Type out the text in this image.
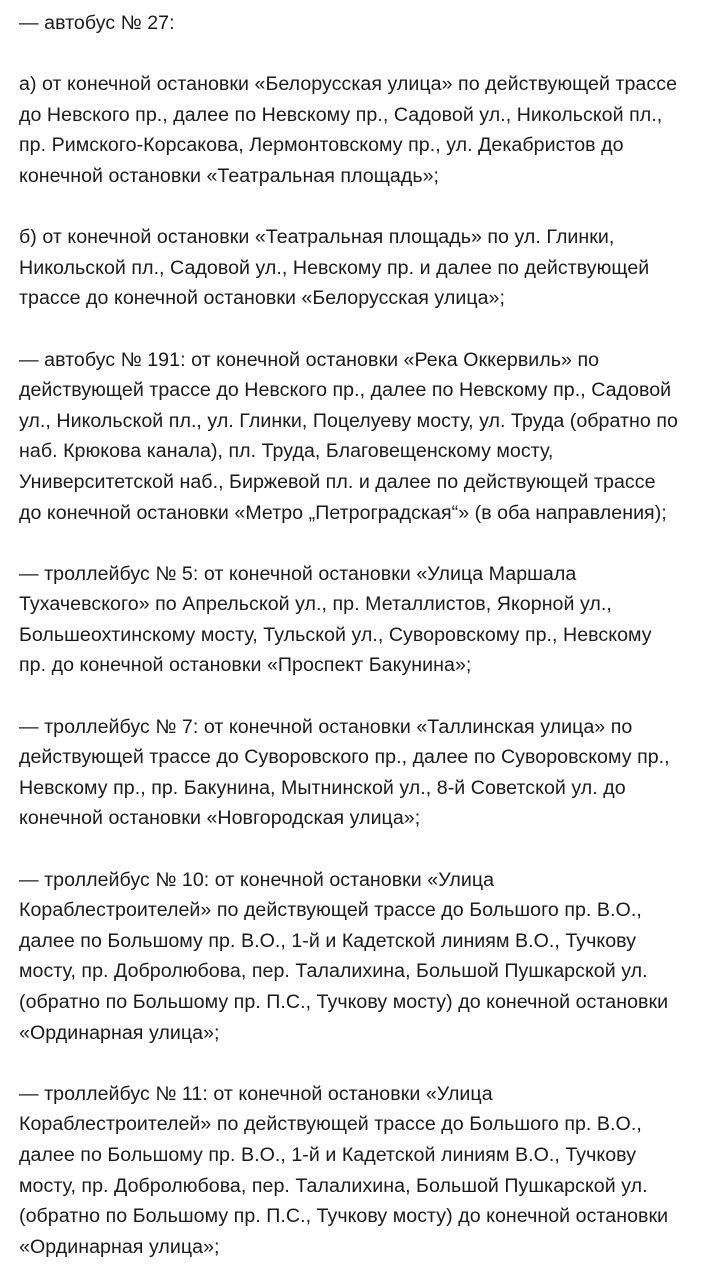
— автобус № 27:
а) от конечной остановки «Белорусская улица» по действующей трассе
до Невского пр., далее по Невскому пр., Садовой ул., Никольской пл.,
пр. Римского-Корсакова, Лермонтовскому пр., ул. Декабристов до
конечной остановки «Театральная площадь»;
б) от конечной остановки «Театральная площадь» по ул. Глинки,
Никольской пл., Садовой ул., Невскому пр. и далее по действующей
трассе до конечной остановки «Белорусская улица»;
— автобус № 191: от конечной остановки «Река Оккервиль» по
действующей трассе до Невского пр., далее по Невскому пр., Садовой
ул., Никольской пл., ул. Глинки, Поцелуеву мосту, ул. Труда (обратно по
наб. Крюкова канала), пл. Труда, Благовещенскому мосту,
Университетской наб., Биржевой пл. и далее по действующей трассе
до конечной остановки «Метро „Петроградская“» (в оба направления);
— троллейбус № 5: от конечной остановки «Улица Маршала
Тухачевского» по Апрельской ул., пр. Металлистов, Якорной ул.,
Большеохтинскому мосту, Тульской ул., Суворовскому пр., Невскому
пр. до конечной остановки «Проспект Бакунина»;
— троллейбус № 7: от конечной остановки «Таллинская улица» по
действующей трассе до Суворовского пр., далее по Суворовскому пр.,
Невскому пр., пр. Бакунина, Мытнинской ул., 8-й Советской ул. до
конечной остановки «Новгородская улица»;
— троллейбус № 10: от конечной остановки «Улица
Кораблестроителей» по действующей трассе до Большого пр. В.О.,
далее по Большому пр. В.О., 1-й и Кадетской линиям В.О., Тучкову
мосту, пр. Добролюбова, пер. Талалихина, Большой Пушкарской ул.
(обратно по Большому пр. П.С., Тучкову мосту) до конечной остановки
«Ординарная улица»;
— троллейбус № 11: от конечной остановки «Улица
Кораблестроителей» по действующей трассе до Большого пр. В.О.,
далее по Большому пр. В.О., 1-й и Кадетской линиям В.О., Тучкову
мосту, пр. Добролюбова, пер. Талалихина, Большой Пушкарской ул.
(обратно по Большому пр. П.С., Тучкову мосту) до конечной остановки
«Ординарная улица»;
